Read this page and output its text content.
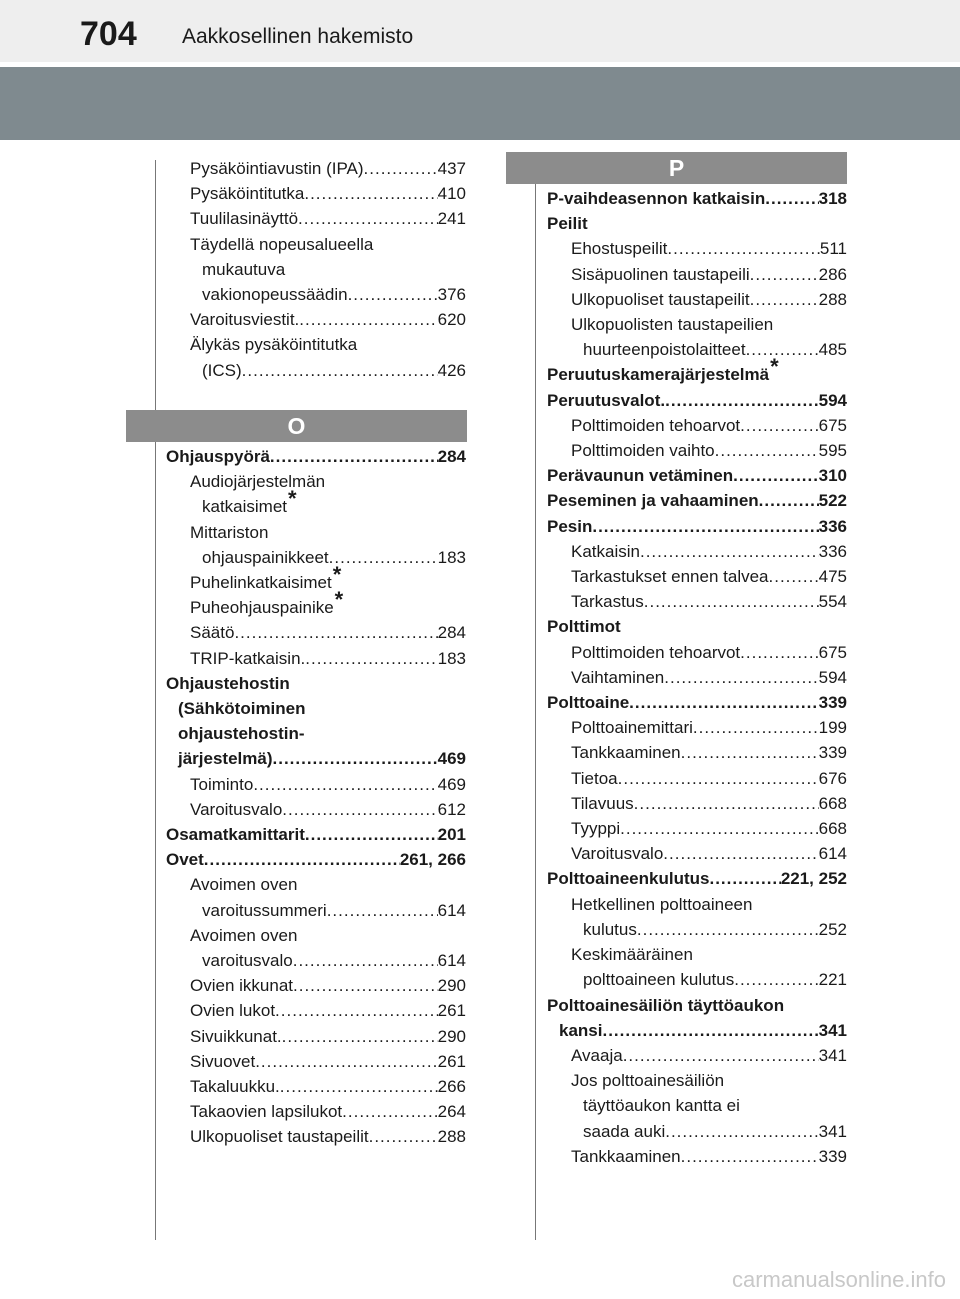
704 Aakkosellinen hakemisto
Pysäköintiavustin (IPA) .....	437
Pysäköintitutka .....	410
Tuulilasinäyttö .....	241
Täydellä nopeusalueella
mukautuva
vakionopeussäädin .....	376
Varoitusviestit. .....	620
Älykäs pysäköintitutka
(ICS) .....	426
O
Ohjauspyörä .....	284
Audiojärjestelmän
katkaisimet*
Mittariston
ohjauspainikkeet .....	183
Puhelinkatkaisimet*
Puheohjauspainike*
Säätö .....	284
TRIP-katkaisin. .....	183
Ohjaustehostin
(Sähkötoiminen
ohjaustehostin-
järjestelmä) .....	469
Toiminto .....	469
Varoitusvalo .....	612
Osamatkamittarit .....	201
Ovet .....	261, 266
Avoimen oven
varoitussummeri .....	614
Avoimen oven
varoitusvalo .....	614
Ovien ikkunat .....	290
Ovien lukot .....	261
Sivuikkunat. .....	290
Sivuovet .....	261
Takaluukku. .....	266
Takaovien lapsilukot .....	264
Ulkopuoliset taustapeilit .....	288
P
P-vaihdeasennon katkaisin .....	318
Peilit
Ehostuspeilit .....	511
Sisäpuolinen taustapeili .....	286
Ulkopuoliset taustapeilit .....	288
Ulkopuolisten taustapeilien
huurteenpoistolaitteet .....	485
Peruutuskamerajärjestelmä*
Peruutusvalot. .....	594
Polttimoiden tehoarvot .....	675
Polttimoiden vaihto .....	595
Perävaunun vetäminen .....	310
Peseminen ja vahaaminen .....	522
Pesin .....	336
Katkaisin .....	336
Tarkastukset ennen talvea .....	475
Tarkastus .....	554
Polttimot
Polttimoiden tehoarvot .....	675
Vaihtaminen .....	594
Polttoaine .....	339
Polttoainemittari .....	199
Tankkaaminen .....	339
Tietoa .....	676
Tilavuus .....	668
Tyyppi .....	668
Varoitusvalo .....	614
Polttoaineenkulutus .....	221, 252
Hetkellinen polttoaineen
kulutus .....	252
Keskimääräinen
polttoaineen kulutus .....	221
Polttoainesäiliön täyttöaukon
kansi .....	341
Avaaja .....	341
Jos polttoainesäiliön
täyttöaukon kantta ei
saada auki .....	341
Tankkaaminen .....	339
carmanualsonline.info
